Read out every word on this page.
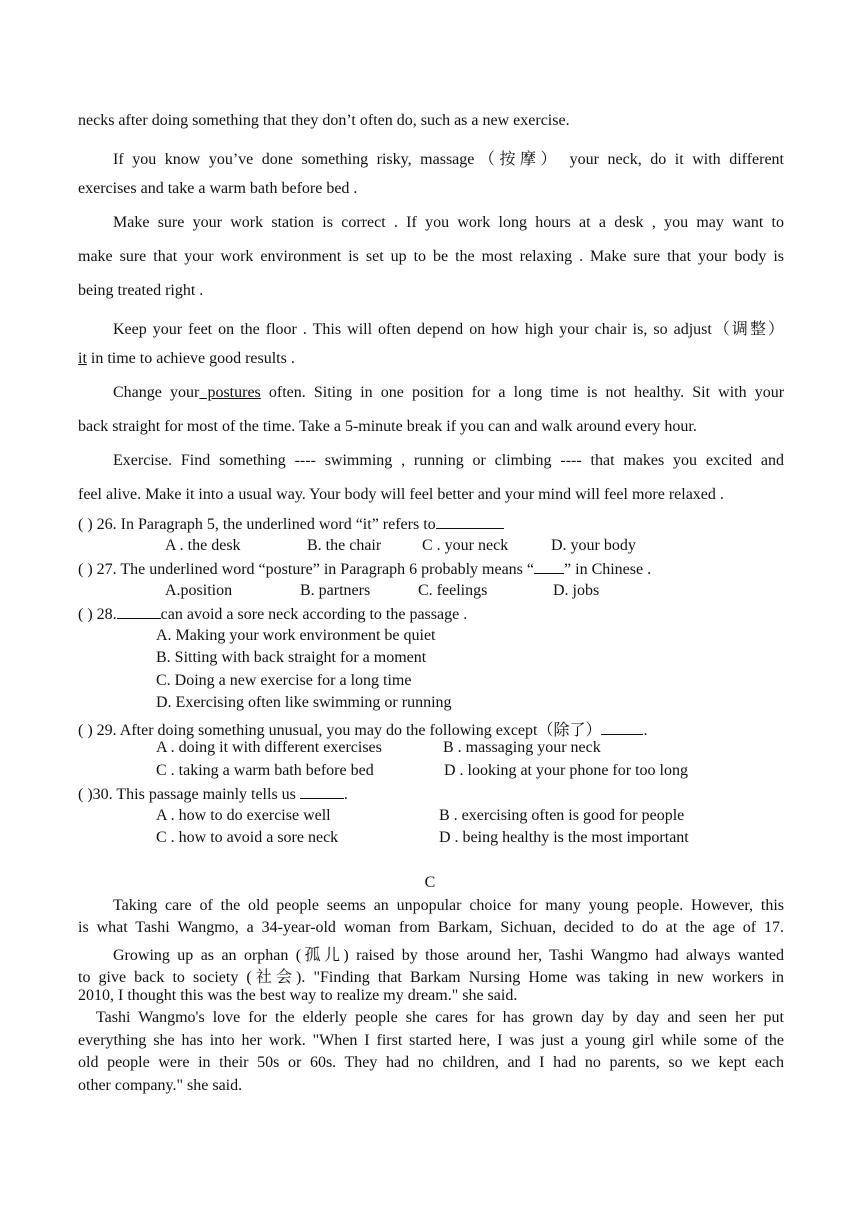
necks after doing something that they don’t often do, such as a new exercise.
If you know you’ve done something risky, massage（按摩） your neck, do it with different
exercises and take a warm bath before bed .
Make sure your work station is correct . If you work long hours at a desk , you may want to
make sure that your work environment is set up to be the most relaxing . Make sure that your body is
being treated right .
Keep your feet on the floor . This will often depend on how high your chair is, so adjust（调整）
it in time to achieve good results .
Change your postures often. Siting in one position for a long time is not healthy. Sit with your
back straight for most of the time. Take a 5-minute break if you can and walk around every hour.
Exercise. Find something ---- swimming , running or climbing ---- that makes you excited and
feel alive. Make it into a usual way. Your body will feel better and your mind will feel more relaxed .
( ) 26. In Paragraph 5, the underlined word “it” refers to
A . the desk	B. the chair	C . your neck	D. your body
( ) 27. The underlined word “posture” in Paragraph 6 probably means “ ” in Chinese .
A.position	B. partners	C. feelings	D. jobs
( ) 28.	can avoid a sore neck according to the passage .
A. Making your work environment be quiet
B. Sitting with back straight for a moment
C. Doing a new exercise for a long time
D. Exercising often like swimming or running
( ) 29. After doing something unusual, you may do the following except（除了）	.
A . doing it with different exercises	B . massaging your neck
C . taking a warm bath before bed	D . looking at your phone for too long
( )30. This passage mainly tells us	.
A . how to do exercise well	B . exercising often is good for people
C . how to avoid a sore neck	D . being healthy is the most important
C
Taking care of the old people seems an unpopular choice for many young people. However, this
is what Tashi Wangmo, a 34-year-old woman from Barkam, Sichuan, decided to do at the age of 17.
Growing up as an orphan (孤儿) raised by those around her, Tashi Wangmo had always wanted
to give back to society (社会). "Finding that Barkam Nursing Home was taking in new workers in
2010, I thought this was the best way to realize my dream." she said.
Tashi Wangmo's love for the elderly people she cares for has grown day by day and seen her put
everything she has into her work. "When I first started here, I was just a young girl while some of the
old people were in their 50s or 60s. They had no children, and I had no parents, so we kept each
other company." she said.
